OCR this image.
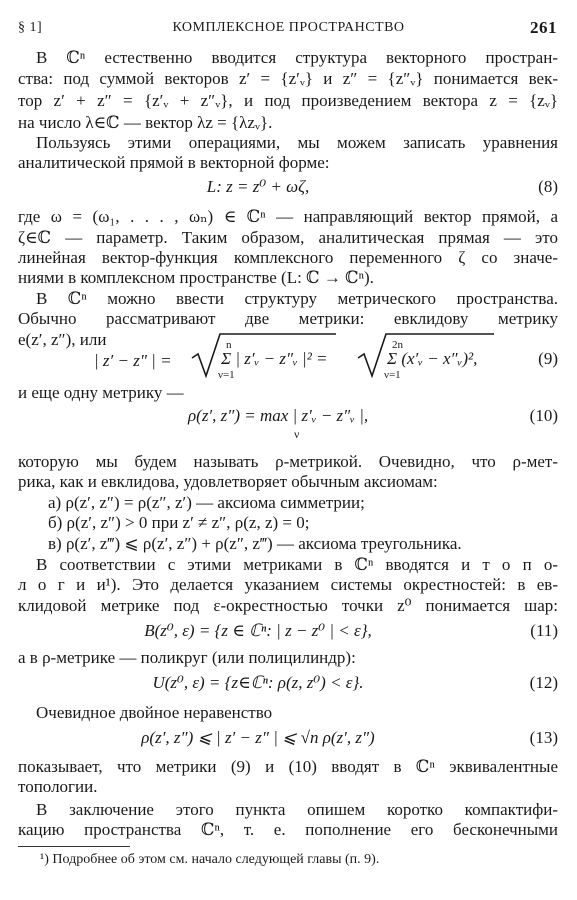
§ 1]	КОМПЛЕКСНОЕ ПРОСТРАНСТВО	261
В ℂⁿ естественно вводится структура векторного простран-
ства: под суммой векторов z′ = {z′ᵥ} и z″ = {z″ᵥ} понимается век-
тор z′ + z″ = {z′ᵥ + z″ᵥ}, и под произведением вектора z = {zᵥ}
на число λ∈ℂ — вектор λz = {λzᵥ}.
Пользуясь этими операциями, мы можем записать уравнения
аналитической прямой в векторной форме:
L: z = z⁰ + ωζ,	(8)
где ω = (ω₁, . . . , ωₙ) ∈ ℂⁿ — направляющий вектор прямой, а
ζ∈ℂ — параметр. Таким образом, аналитическая прямая — это
линейная вектор-функция комплексного переменного ζ со значе-
ниями в комплексном пространстве (L: ℂ → ℂⁿ).
В ℂⁿ можно ввести структуру метрического пространства.
Обычно рассматривают две метрики: евклидову метрику
e(z′, z″), или
| z′ − z″ | =
n
ν=1
Σ | z′ᵥ − z″ᵥ |² =
2n
ν=1
Σ (x′ᵥ − x″ᵥ)²,	(9)
и еще одну метрику —
ρ(z′, z″) = max | z′ᵥ − z″ᵥ |,
ν
(10)
которую мы будем называть ρ-метрикой. Очевидно, что ρ-мет-
рика, как и евклидова, удовлетворяет обычным аксиомам:
а) ρ(z′, z″) = ρ(z″, z′) — аксиома симметрии;
б) ρ(z′, z″) > 0 при z′ ≠ z″, ρ(z, z) = 0;
в) ρ(z′, z‴) ⩽ ρ(z′, z″) + ρ(z″, z‴) — аксиома треугольника.
В соответствии с этими метриками в ℂⁿ вводятся и т о п о-
л о г и и¹). Это делается указанием системы окрестностей: в ев-
клидовой метрике под ε-окрестностью точки z⁰ понимается шар:
B(z⁰, ε) = {z ∈ ℂⁿ: | z − z⁰ | < ε},	(11)
а в ρ-метрике — поликруг (или полицилиндр):
U(z⁰, ε) = {z∈ℂⁿ: ρ(z, z⁰) < ε}.	(12)
Очевидное двойное неравенство
ρ(z′, z″) ⩽ | z′ − z″ | ⩽ √n ρ(z′, z″)	(13)
показывает, что метрики (9) и (10) вводят в ℂⁿ эквивалентные
топологии.
В заключение этого пункта опишем коротко компактифи-
кацию пространства ℂⁿ, т. е. пополнение его бесконечными
¹) Подробнее об этом см. начало следующей главы (п. 9).
